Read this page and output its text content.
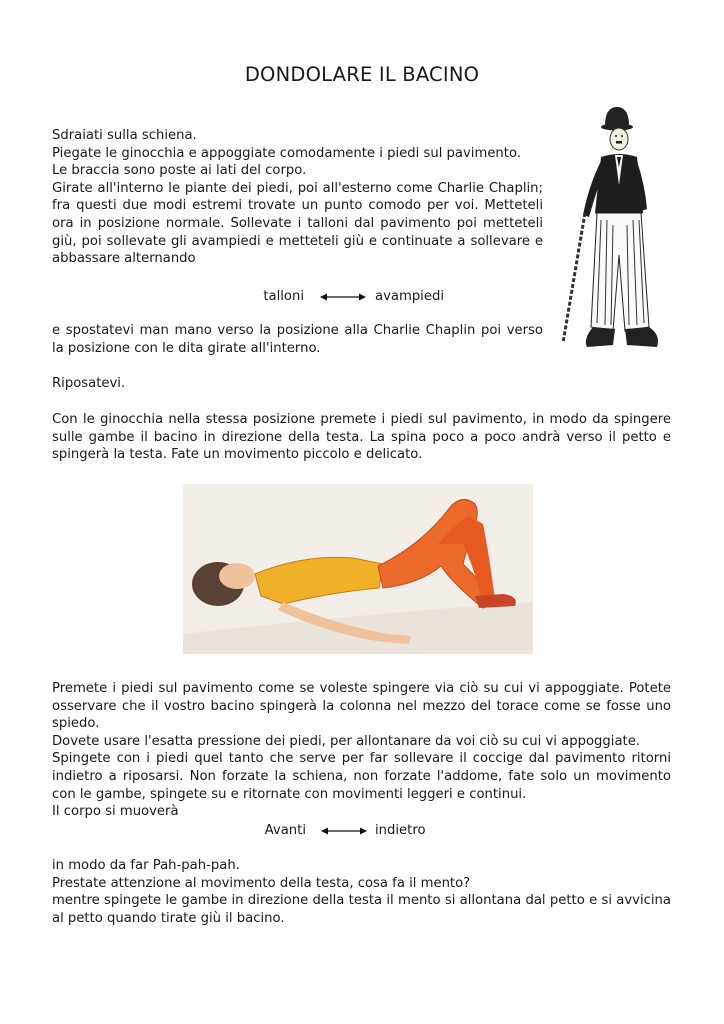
DONDOLARE IL BACINO
Sdraiati sulla schiena.
Piegate le ginocchia e appoggiate comodamente i piedi sul pavimento.
Le braccia sono poste ai lati del corpo.
Girate all'interno le piante dei piedi, poi all'esterno come Charlie Chaplin; fra questi due modi estremi trovate un punto comodo per voi. Metteteli ora in posizione normale. Sollevate i talloni dal pavimento poi metteteli giù, poi sollevate gli avampiedi e metteteli giù e continuate a sollevare e abbassare alternando
talloni	avampiedi

e spostatevi man mano verso la posizione alla Charlie Chaplin poi verso la posizione con le dita girate all'interno.

Riposatevi.

Con le ginocchia nella stessa posizione premete i piedi sul pavimento, in modo da spingere sulle gambe il bacino in direzione della testa. La spina poco a poco andrà verso il petto e spingerà la testa. Fate un movimento piccolo e delicato.

Premete i piedi sul pavimento come se voleste spingere via ciò su cui vi appoggiate. Potete osservare che il vostro bacino spingerà la colonna nel mezzo del torace come se fosse uno spiedo.
Dovete usare l'esatta pressione dei piedi, per allontanare da voi ciò su cui vi appoggiate.
Spingete con i piedi quel tanto che serve per far sollevare il coccige dal pavimento ritorni indietro a riposarsi. Non forzate la schiena, non forzate l'addome, fate solo un movimento con le gambe, spingete su e ritornate con movimenti leggeri e continui.
Il corpo si muoverà
Avanti	indietro
in modo da far Pah-pah-pah.
Prestate attenzione al movimento della testa, cosa fa il mento?
mentre spingete le gambe in direzione della testa il mento si allontana dal petto e si avvicina al petto quando tirate giù il bacino.
